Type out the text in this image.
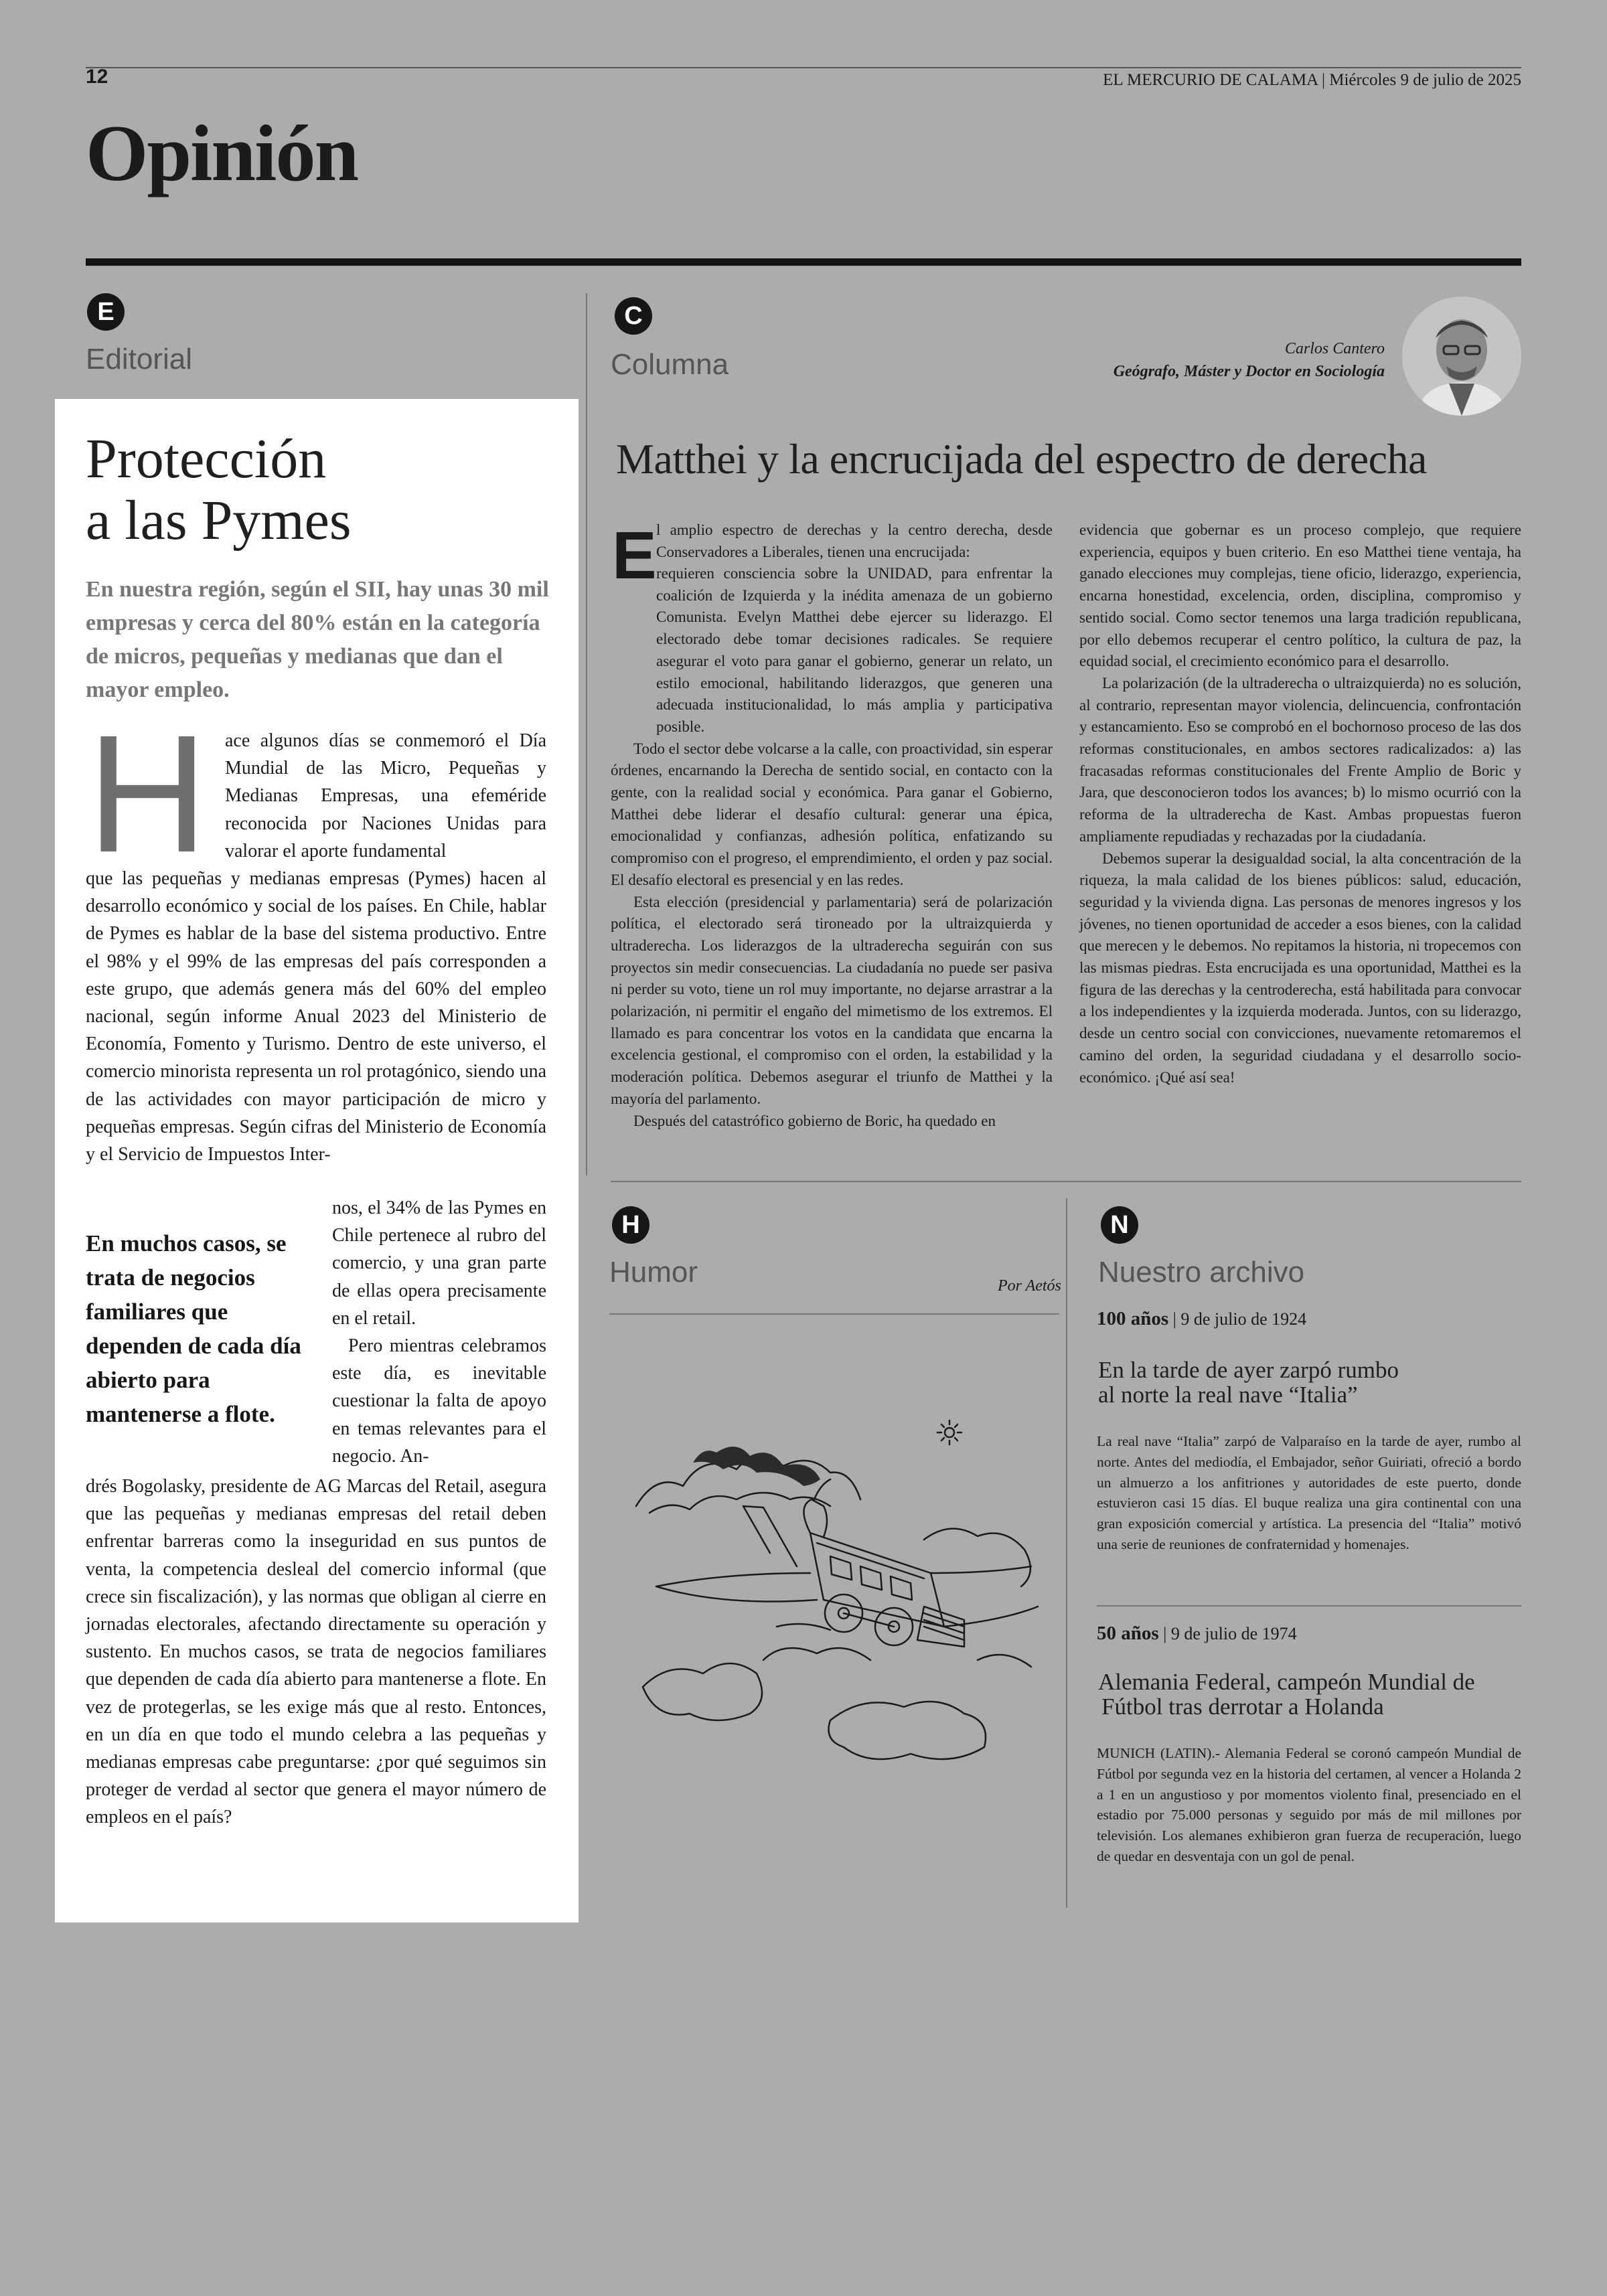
12	EL MERCURIO DE CALAMA | Miércoles 9 de julio de 2025
Opinión
E
Editorial
Protección
a las Pymes
En nuestra región, según el SII, hay unas 30 mil empresas y cerca del 80% están en la categoría de micros, pequeñas y medianas que dan el mayor empleo.
H ace algunos días se conmemoró el Día Mundial de las Micro, Pequeñas y Medianas Empresas, una efeméride reconocida por Naciones Unidas para valorar el aporte fundamental
que las pequeñas y medianas empresas (Pymes) hacen al desarrollo económico y social de los países. En Chile, hablar de Pymes es hablar de la base del sistema productivo. Entre el 98% y el 99% de las empresas del país corresponden a este grupo, que además genera más del 60% del empleo nacional, según informe Anual 2023 del Ministerio de Economía, Fomento y Turismo. Dentro de este universo, el comercio minorista representa un rol protagónico, siendo una de las actividades con mayor participación de micro y pequeñas empresas. Según cifras del Ministerio de Economía y el Servicio de Impuestos Inter-
nos, el 34% de las Pymes en Chile pertenece al rubro del comercio, y una gran parte de ellas opera precisamente en el retail.
Pero mientras celebramos este día, es inevitable cuestionar la falta de apoyo en temas relevantes para el negocio. An-
En muchos casos, se trata de negocios familiares que dependen de cada día abierto para mantenerse a flote.
drés Bogolasky, presidente de AG Marcas del Retail, asegura que las pequeñas y medianas empresas del retail deben enfrentar barreras como la inseguridad en sus puntos de venta, la competencia desleal del comercio informal (que crece sin fiscalización), y las normas que obligan al cierre en jornadas electorales, afectando directamente su operación y sustento. En muchos casos, se trata de negocios familiares que dependen de cada día abierto para mantenerse a flote. En vez de protegerlas, se les exige más que al resto. Entonces, en un día en que todo el mundo celebra a las pequeñas y medianas empresas cabe preguntarse: ¿por qué seguimos sin proteger de verdad al sector que genera el mayor número de empleos en el país?
C
Columna	Carlos Cantero
Geógrafo, Máster y Doctor en Sociología
Matthei y la encrucijada del espectro de derecha
E l amplio espectro de derechas y la centro derecha, desde Conservadores a Liberales, tienen una encrucijada:
requieren consciencia sobre la UNIDAD, para enfrentar la coalición de Izquierda y la inédita amenaza de un gobierno Comunista. Evelyn Matthei debe ejercer su liderazgo. El electorado debe tomar decisiones radicales. Se requiere asegurar el voto para ganar el gobierno, generar un relato, un estilo emocional, habilitando liderazgos, que generen una adecuada institucionalidad, lo más amplia y participativa posible.
Todo el sector debe volcarse a la calle, con proactividad, sin esperar órdenes, encarnando la Derecha de sentido social, en contacto con la gente, con la realidad social y económica. Para ganar el Gobierno, Matthei debe liderar el desafío cultural: generar una épica, emocionalidad y confianzas, adhesión política, enfatizando su compromiso con el progreso, el emprendimiento, el orden y paz social. El desafío electoral es presencial y en las redes.
Esta elección (presidencial y parlamentaria) será de polarización política, el electorado será tironeado por la ultraizquierda y ultraderecha. Los liderazgos de la ultraderecha seguirán con sus proyectos sin medir consecuencias. La ciudadanía no puede ser pasiva ni perder su voto, tiene un rol muy importante, no dejarse arrastrar a la polarización, ni permitir el engaño del mimetismo de los extremos. El llamado es para concentrar los votos en la candidata que encarna la excelencia gestional, el compromiso con el orden, la estabilidad y la moderación política. Debemos asegurar el triunfo de Matthei y la mayoría del parlamento.
Después del catastrófico gobierno de Boric, ha quedado en
evidencia que gobernar es un proceso complejo, que requiere experiencia, equipos y buen criterio. En eso Matthei tiene ventaja, ha ganado elecciones muy complejas, tiene oficio, liderazgo, experiencia, encarna honestidad, excelencia, orden, disciplina, compromiso y sentido social. Como sector tenemos una larga tradición republicana, por ello debemos recuperar el centro político, la cultura de paz, la equidad social, el crecimiento económico para el desarrollo.
La polarización (de la ultraderecha o ultraizquierda) no es solución, al contrario, representan mayor violencia, delincuencia, confrontación y estancamiento. Eso se comprobó en el bochornoso proceso de las dos reformas constitucionales, en ambos sectores radicalizados: a) las fracasadas reformas constitucionales del Frente Amplio de Boric y Jara, que desconocieron todos los avances; b) lo mismo ocurrió con la reforma de la ultraderecha de Kast. Ambas propuestas fueron ampliamente repudiadas y rechazadas por la ciudadanía.
Debemos superar la desigualdad social, la alta concentración de la riqueza, la mala calidad de los bienes públicos: salud, educación, seguridad y la vivienda digna. Las personas de menores ingresos y los jóvenes, no tienen oportunidad de acceder a esos bienes, con la calidad que merecen y le debemos. No repitamos la historia, ni tropecemos con las mismas piedras. Esta encrucijada es una oportunidad, Matthei es la figura de las derechas y la centroderecha, está habilitada para convocar a los independientes y la izquierda moderada. Juntos, con su liderazgo, desde un centro social con convicciones, nuevamente retomaremos el camino del orden, la seguridad ciudadana y el desarrollo socio-económico. ¡Qué así sea!
H
Humor	Por Aetós
N
Nuestro archivo
100 años | 9 de julio de 1924
En la tarde de ayer zarpó rumbo
al norte la real nave “Italia”
La real nave “Italia” zarpó de Valparaíso en la tarde de ayer, rumbo al norte. Antes del mediodía, el Embajador, señor Guiriati, ofreció a bordo un almuerzo a los anfitriones y autoridades de este puerto, donde estuvieron casi 15 días. El buque realiza una gira continental con una gran exposición comercial y artística. La presencia del “Italia” motivó una serie de reuniones de confraternidad y homenajes.
50 años | 9 de julio de 1974
Alemania Federal, campeón Mundial de
Fútbol tras derrotar a Holanda
MUNICH (LATIN).- Alemania Federal se coronó campeón Mundial de Fútbol por segunda vez en la historia del certamen, al vencer a Holanda 2 a 1 en un angustioso y por momentos violento final, presenciado en el estadio por 75.000 personas y seguido por más de mil millones por televisión. Los alemanes exhibieron gran fuerza de recuperación, luego de quedar en desventaja con un gol de penal.
